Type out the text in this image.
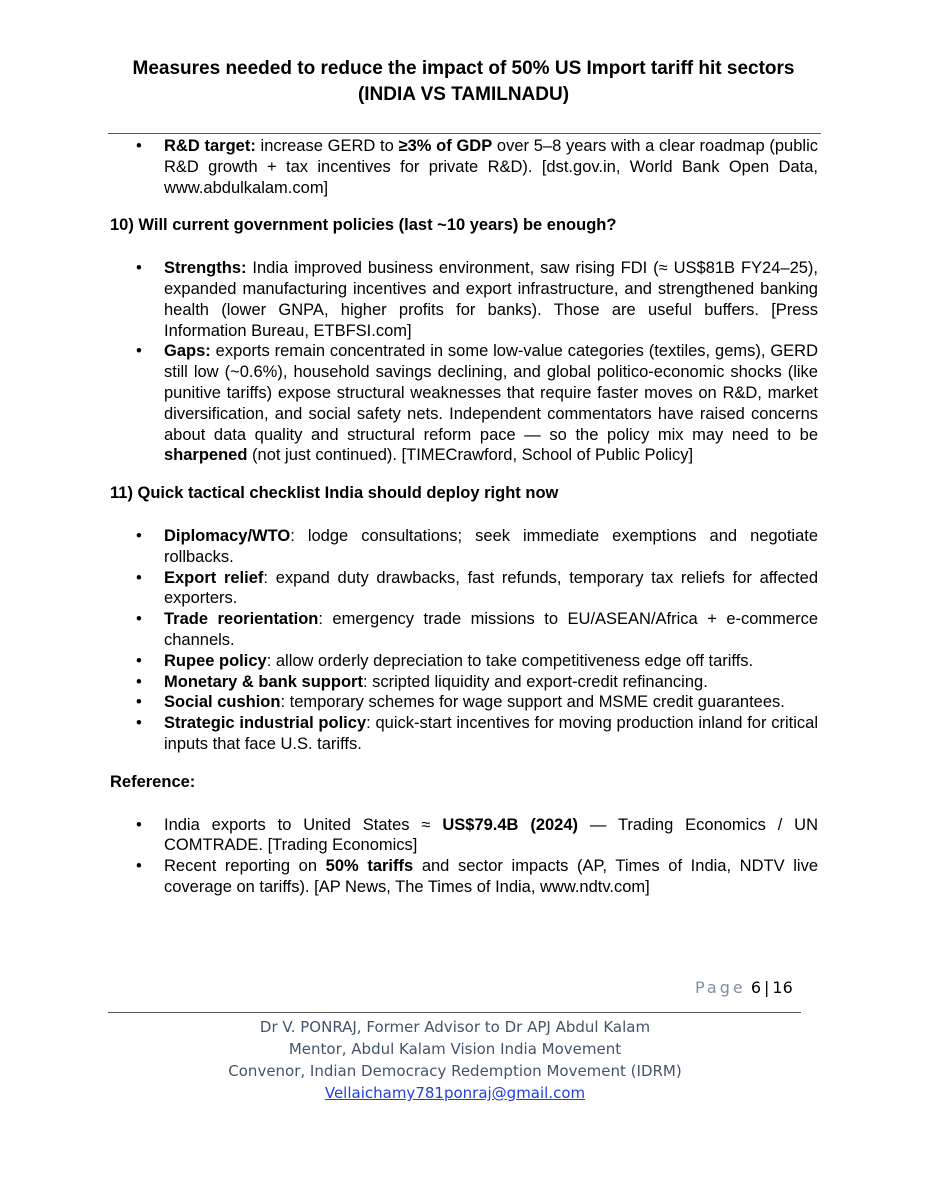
Measures needed to reduce the impact of 50% US Import tariff hit sectors
(INDIA VS TAMILNADU)
• R&D target: increase GERD to ≥3% of GDP over 5–8 years with a clear roadmap (public R&D growth + tax incentives for private R&D). [dst.gov.in, World Bank Open Data, www.abdulkalam.com]

10) Will current government policies (last ~10 years) be enough?

• Strengths: India improved business environment, saw rising FDI (≈ US$81B FY24–25), expanded manufacturing incentives and export infrastructure, and strengthened banking health (lower GNPA, higher profits for banks). Those are useful buffers. [Press Information Bureau, ETBFSI.com]
• Gaps: exports remain concentrated in some low-value categories (textiles, gems), GERD still low (~0.6%), household savings declining, and global politico-economic shocks (like punitive tariffs) expose structural weaknesses that require faster moves on R&D, market diversification, and social safety nets. Independent commentators have raised concerns about data quality and structural reform pace — so the policy mix may need to be sharpened (not just continued). [TIMECrawford, School of Public Policy]

11) Quick tactical checklist India should deploy right now

• Diplomacy/WTO: lodge consultations; seek immediate exemptions and negotiate rollbacks.
• Export relief: expand duty drawbacks, fast refunds, temporary tax reliefs for affected exporters.
• Trade reorientation: emergency trade missions to EU/ASEAN/Africa + e-commerce channels.
• Rupee policy: allow orderly depreciation to take competitiveness edge off tariffs.
• Monetary & bank support: scripted liquidity and export-credit refinancing.
• Social cushion: temporary schemes for wage support and MSME credit guarantees.
• Strategic industrial policy: quick-start incentives for moving production inland for critical inputs that face U.S. tariffs.

Reference:

• India exports to United States ≈ US$79.4B (2024) — Trading Economics / UN COMTRADE. [Trading Economics]
• Recent reporting on 50% tariffs and sector impacts (AP, Times of India, NDTV live coverage on tariffs). [AP News, The Times of India, www.ndtv.com]
Page 6 | 16
Dr V. PONRAJ, Former Advisor to Dr APJ Abdul Kalam
Mentor, Abdul Kalam Vision India Movement
Convenor, Indian Democracy Redemption Movement (IDRM)
Vellaichamy781ponraj@gmail.com
